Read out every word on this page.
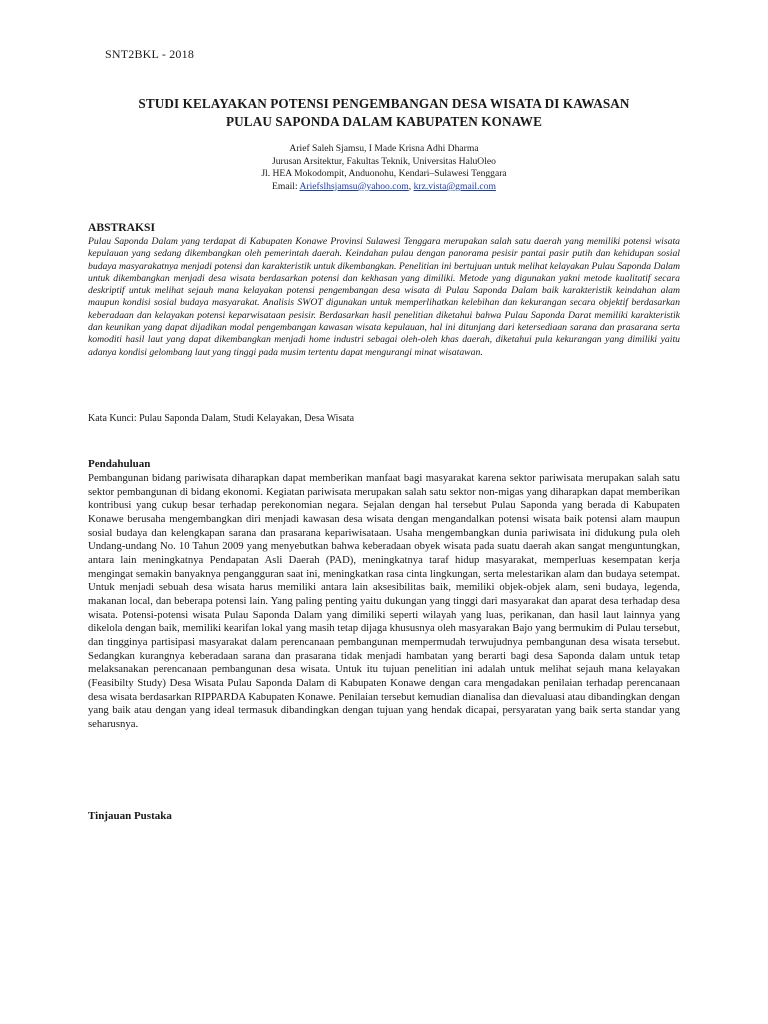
SNT2BKL - 2018
STUDI KELAYAKAN POTENSI PENGEMBANGAN DESA WISATA DI KAWASAN
PULAU SAPONDA DALAM KABUPATEN KONAWE
Arief Saleh Sjamsu, I Made Krisna Adhi Dharma
Jurusan Arsitektur, Fakultas Teknik, Universitas HaluOleo
Jl. HEA Mokodompit, Anduonohu, Kendari–Sulawesi Tenggara
Email: Ariefslhsjamsu@yahoo.com, krz.vista@gmail.com
ABSTRAKSI

Pulau Saponda Dalam yang terdapat di Kabupaten Konawe Provinsi Sulawesi Tenggara merupakan salah satu daerah yang memiliki potensi wisata kepulauan yang sedang dikembangkan oleh pemerintah daerah. Keindahan pulau dengan panorama pesisir pantai pasir putih dan kehidupan sosial budaya masyarakatnya menjadi potensi dan karakteristik untuk dikembangkan. Penelitian ini bertujuan untuk melihat kelayakan Pulau Saponda Dalam untuk dikembangkan menjadi desa wisata berdasarkan potensi dan kekhasan yang dimiliki. Metode yang digunakan yakni metode kualitatif secara deskriptif untuk melihat sejauh mana kelayakan potensi pengembangan desa wisata di Pulau Saponda Dalam baik karakteristik keindahan alam maupun kondisi sosial budaya masyarakat. Analisis SWOT digunakan untuk memperlihatkan kelebihan dan kekurangan secara objektif berdasarkan keberadaan dan kelayakan potensi keparwisataan pesisir. Berdasarkan hasil penelitian diketahui bahwa Pulau Saponda Darat memiliki karakteristik dan keunikan yang dapat dijadikan modal pengembangan kawasan wisata kepulauan, hal ini ditunjang dari ketersediaan sarana dan prasarana serta komoditi hasil laut yang dapat dikembangkan menjadi home industri sebagai oleh-oleh khas daerah, diketahui pula kekurangan yang dimiliki yaitu adanya kondisi gelombang laut yang tinggi pada musim tertentu dapat mengurangi minat wisatawan.

Kata Kunci: Pulau Saponda Dalam, Studi Kelayakan, Desa Wisata

Pendahuluan

Pembangunan bidang pariwisata diharapkan dapat memberikan manfaat bagi masyarakat karena sektor pariwisata merupakan salah satu sektor pembangunan di bidang ekonomi. Kegiatan pariwisata merupakan salah satu sektor non-migas yang diharapkan dapat memberikan kontribusi yang cukup besar terhadap perekonomian negara. Sejalan dengan hal tersebut Pulau Saponda yang berada di Kabupaten Konawe berusaha mengembangkan diri menjadi kawasan desa wisata dengan mengandalkan potensi wisata baik potensi alam maupun sosial budaya dan kelengkapan sarana dan prasarana kepariwisataan. Usaha mengembangkan dunia pariwisata ini didukung pula oleh Undang-undang No. 10 Tahun 2009 yang menyebutkan bahwa keberadaan obyek wisata pada suatu daerah akan sangat menguntungkan, antara lain meningkatnya Pendapatan Asli Daerah (PAD), meningkatnya taraf hidup masyarakat, memperluas kesempatan kerja mengingat semakin banyaknya pengangguran saat ini, meningkatkan rasa cinta lingkungan, serta melestarikan alam dan budaya setempat. Untuk menjadi sebuah desa wisata harus memiliki antara lain aksesibilitas baik, memiliki objek-objek alam, seni budaya, legenda, makanan local, dan beberapa potensi lain. Yang paling penting yaitu dukungan yang tinggi dari masyarakat dan aparat desa terhadap desa wisata. Potensi-potensi wisata Pulau Saponda Dalam yang dimiliki seperti wilayah yang luas, perikanan, dan hasil laut lainnya yang dikelola dengan baik, memiliki kearifan lokal yang masih tetap dijaga khususnya oleh masyarakan Bajo yang bermukim di Pulau tersebut, dan tingginya partisipasi masyarakat dalam perencanaan pembangunan mempermudah terwujudnya pembangunan desa wisata tersebut. Sedangkan kurangnya keberadaan sarana dan prasarana tidak menjadi hambatan yang berarti bagi desa Saponda dalam untuk tetap melaksanakan perencanaan pembangunan desa wisata. Untuk itu tujuan penelitian ini adalah untuk melihat sejauh mana kelayakan (Feasibilty Study) Desa Wisata Pulau Saponda Dalam di Kabupaten Konawe dengan cara mengadakan penilaian terhadap perencanaan desa wisata berdasarkan RIPPARDA Kabupaten Konawe. Penilaian tersebut kemudian dianalisa dan dievaluasi atau dibandingkan dengan yang baik atau dengan yang ideal termasuk dibandingkan dengan tujuan yang hendak dicapai, persyaratan yang baik serta standar yang seharusnya.

Tinjauan Pustaka
